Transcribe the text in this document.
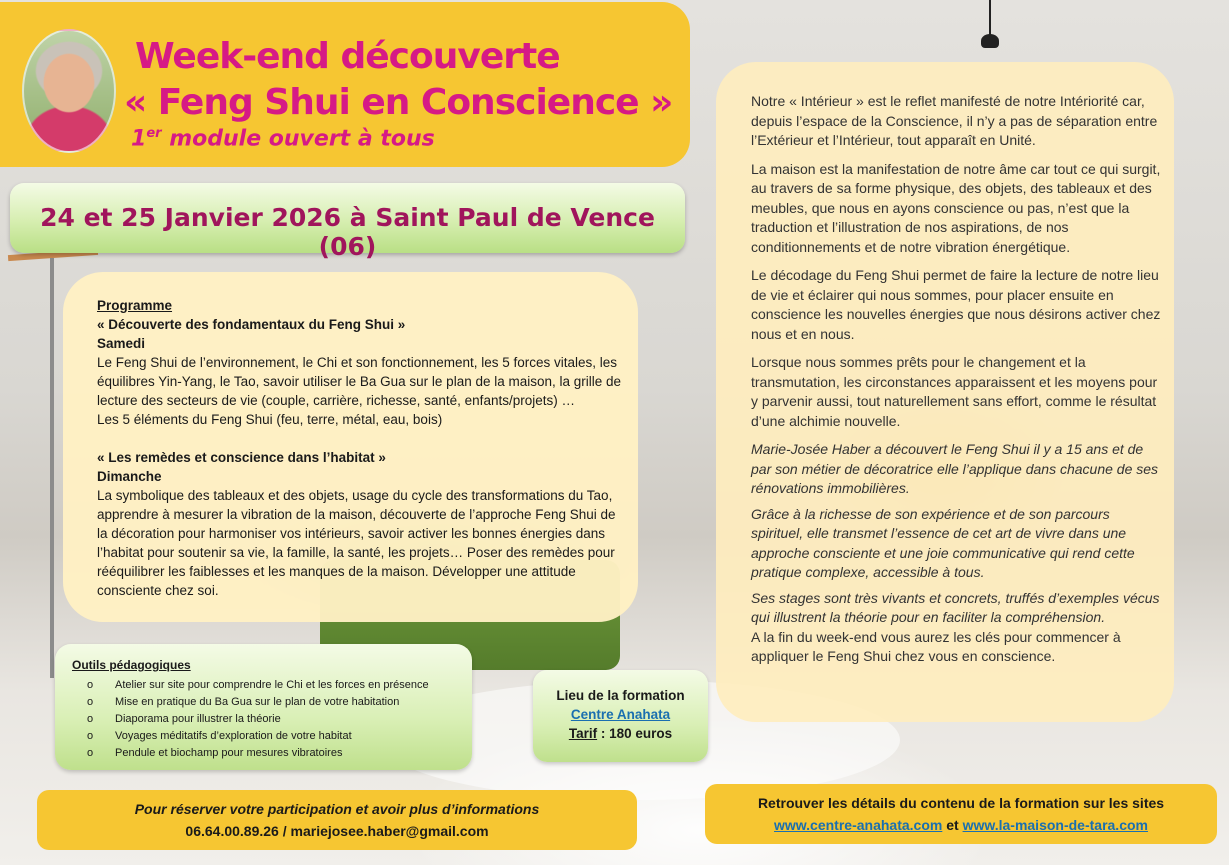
Week-end découverte
« Feng Shui en Conscience »

1er module ouvert à tous

24 et 25 Janvier 2026 à Saint Paul de Vence (06)

Programme

« Découverte des fondamentaux du Feng Shui »

Samedi

Le Feng Shui de l’environnement, le Chi et son fonctionnement, les 5 forces vitales, les équilibres Yin-Yang, le Tao, savoir utiliser le Ba Gua sur le plan de la maison, la grille de lecture des secteurs de vie (couple, carrière, richesse, santé, enfants/projets) …

Les 5 éléments du Feng Shui (feu, terre, métal, eau, bois)

« Les remèdes et conscience dans l’habitat »

Dimanche

La symbolique des tableaux et des objets, usage du cycle des transformations du Tao, apprendre à mesurer la vibration de la maison, découverte de l’approche Feng Shui de la décoration pour harmoniser vos intérieurs, savoir activer les bonnes énergies dans l’habitat pour soutenir sa vie, la famille, la santé, les projets… Poser des remèdes pour rééquilibrer les faiblesses et les manques de la maison. Développer une attitude consciente chez soi.

Notre « Intérieur » est le reflet manifesté de notre Intériorité car, depuis l’espace de la Conscience, il n’y a pas de séparation entre l’Extérieur et l’Intérieur, tout apparaît en Unité.

La maison est la manifestation de notre âme car tout ce qui surgit, au travers de sa forme physique, des objets, des tableaux et des meubles, que nous en ayons conscience ou pas, n’est que la traduction et l’illustration de nos aspirations, de nos conditionnements et de notre vibration énergétique.

Le décodage du Feng Shui permet de faire la lecture de notre lieu de vie et éclairer qui nous sommes, pour placer ensuite en conscience les nouvelles énergies que nous désirons activer chez nous et en nous.

Lorsque nous sommes prêts pour le changement et la transmutation, les circonstances apparaissent et les moyens pour y parvenir aussi, tout naturellement sans effort, comme le résultat d’une alchimie nouvelle.

Marie-Josée Haber a découvert le Feng Shui il y a 15 ans et de par son métier de décoratrice elle l’applique dans chacune de ses rénovations immobilières.

Grâce à la richesse de son expérience et de son parcours spirituel, elle transmet l’essence de cet art de vivre dans une approche consciente et une joie communicative qui rend cette pratique complexe, accessible à tous.

Ses stages sont très vivants et concrets, truffés d’exemples vécus qui illustrent la théorie pour en faciliter la compréhension.

A la fin du week-end vous aurez les clés pour commencer à appliquer le Feng Shui chez vous en conscience.

Outils pédagogiques
o Atelier sur site pour comprendre le Chi et les forces en présence
o Mise en pratique du Ba Gua sur le plan de votre habitation
o Diaporama pour illustrer la théorie
o Voyages méditatifs d’exploration de votre habitat
o Pendule et biochamp pour mesures vibratoires
Lieu de la formation
Centre Anahata
Tarif : 180 euros
Pour réserver votre participation et avoir plus d’informations
06.64.00.89.26 / mariejosee.haber@gmail.com
Retrouver les détails du contenu de la formation sur les sites
www.centre-anahata.com et www.la-maison-de-tara.com
